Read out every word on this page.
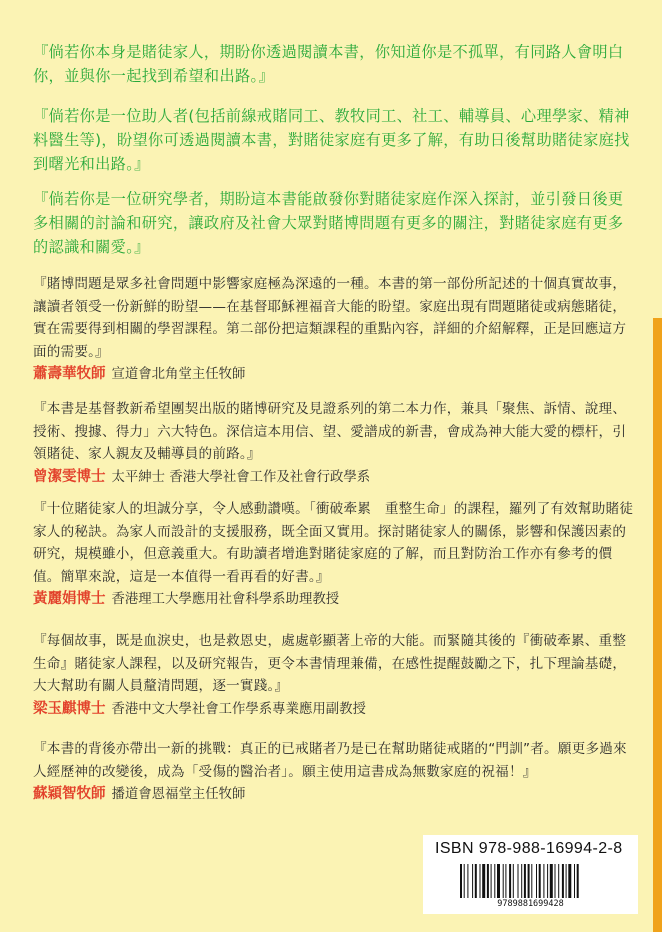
『倘若你本身是賭徒家人，期盼你透過閱讀本書，你知道你是不孤單，有同路人會明白你，並與你一起找到希望和出路。』
『倘若你是一位助人者(包括前線戒賭同工、教牧同工、社工、輔導員、心理學家、精神料醫生等)，盼望你可透過閱讀本書，對賭徒家庭有更多了解，有助日後幫助賭徒家庭找到曙光和出路。』
『倘若你是一位研究學者，期盼這本書能啟發你對賭徒家庭作深入探討，並引發日後更多相關的討論和研究，讓政府及社會大眾對賭博問題有更多的關注，對賭徒家庭有更多的認識和關愛。』
『賭博問題是眾多社會問題中影響家庭極為深遠的一種。本書的第一部份所記述的十個真實故事，讓讀者領受一份新鮮的盼望——在基督耶穌裡福音大能的盼望。家庭出現有問題賭徒或病態賭徒，實在需要得到相關的學習課程。第二部份把這類課程的重點內容，詳細的介紹解釋，正是回應這方面的需要。』
蕭壽華牧師 宣道會北角堂主任牧師
『本書是基督教新希望團契出版的賭博研究及見證系列的第二本力作，兼具「聚焦、訴情、說理、授術、搜據、得力」六大特色。深信這本用信、望、愛譜成的新書，會成為神大能大愛的標杆，引領賭徒、家人親友及輔導員的前路。』
曾潔雯博士 太平紳士 香港大學社會工作及社會行政學系
『十位賭徒家人的坦誠分享，令人感動讚嘆。「衝破牽累　重整生命」的課程，羅列了有效幫助賭徒家人的秘訣。為家人而設計的支援服務，既全面又實用。探討賭徒家人的關係，影響和保護因素的研究，規模雖小，但意義重大。有助讀者增進對賭徒家庭的了解，而且對防治工作亦有參考的價值。簡單來說，這是一本值得一看再看的好書。』
黃麗娟博士 香港理工大學應用社會科學系助理教授
『每個故事，既是血淚史，也是救恩史，處處彰顯著上帝的大能。而緊隨其後的『衝破牽累、重整生命』賭徒家人課程，以及研究報告，更令本書情理兼備，在感性提醒鼓勵之下，扎下理論基礎，大大幫助有關人員釐清問題，逐一實踐。』
梁玉麒博士 香港中文大學社會工作學系專業應用副教授
『本書的背後亦帶出一新的挑戰：真正的已戒賭者乃是已在幫助賭徒戒賭的“門訓”者。願更多過來人經歷神的改變後，成為「受傷的醫治者」。願主使用這書成為無數家庭的祝福！』
蘇穎智牧師 播道會恩福堂主任牧師
ISBN 978-988-16994-2-8
9789881699428
